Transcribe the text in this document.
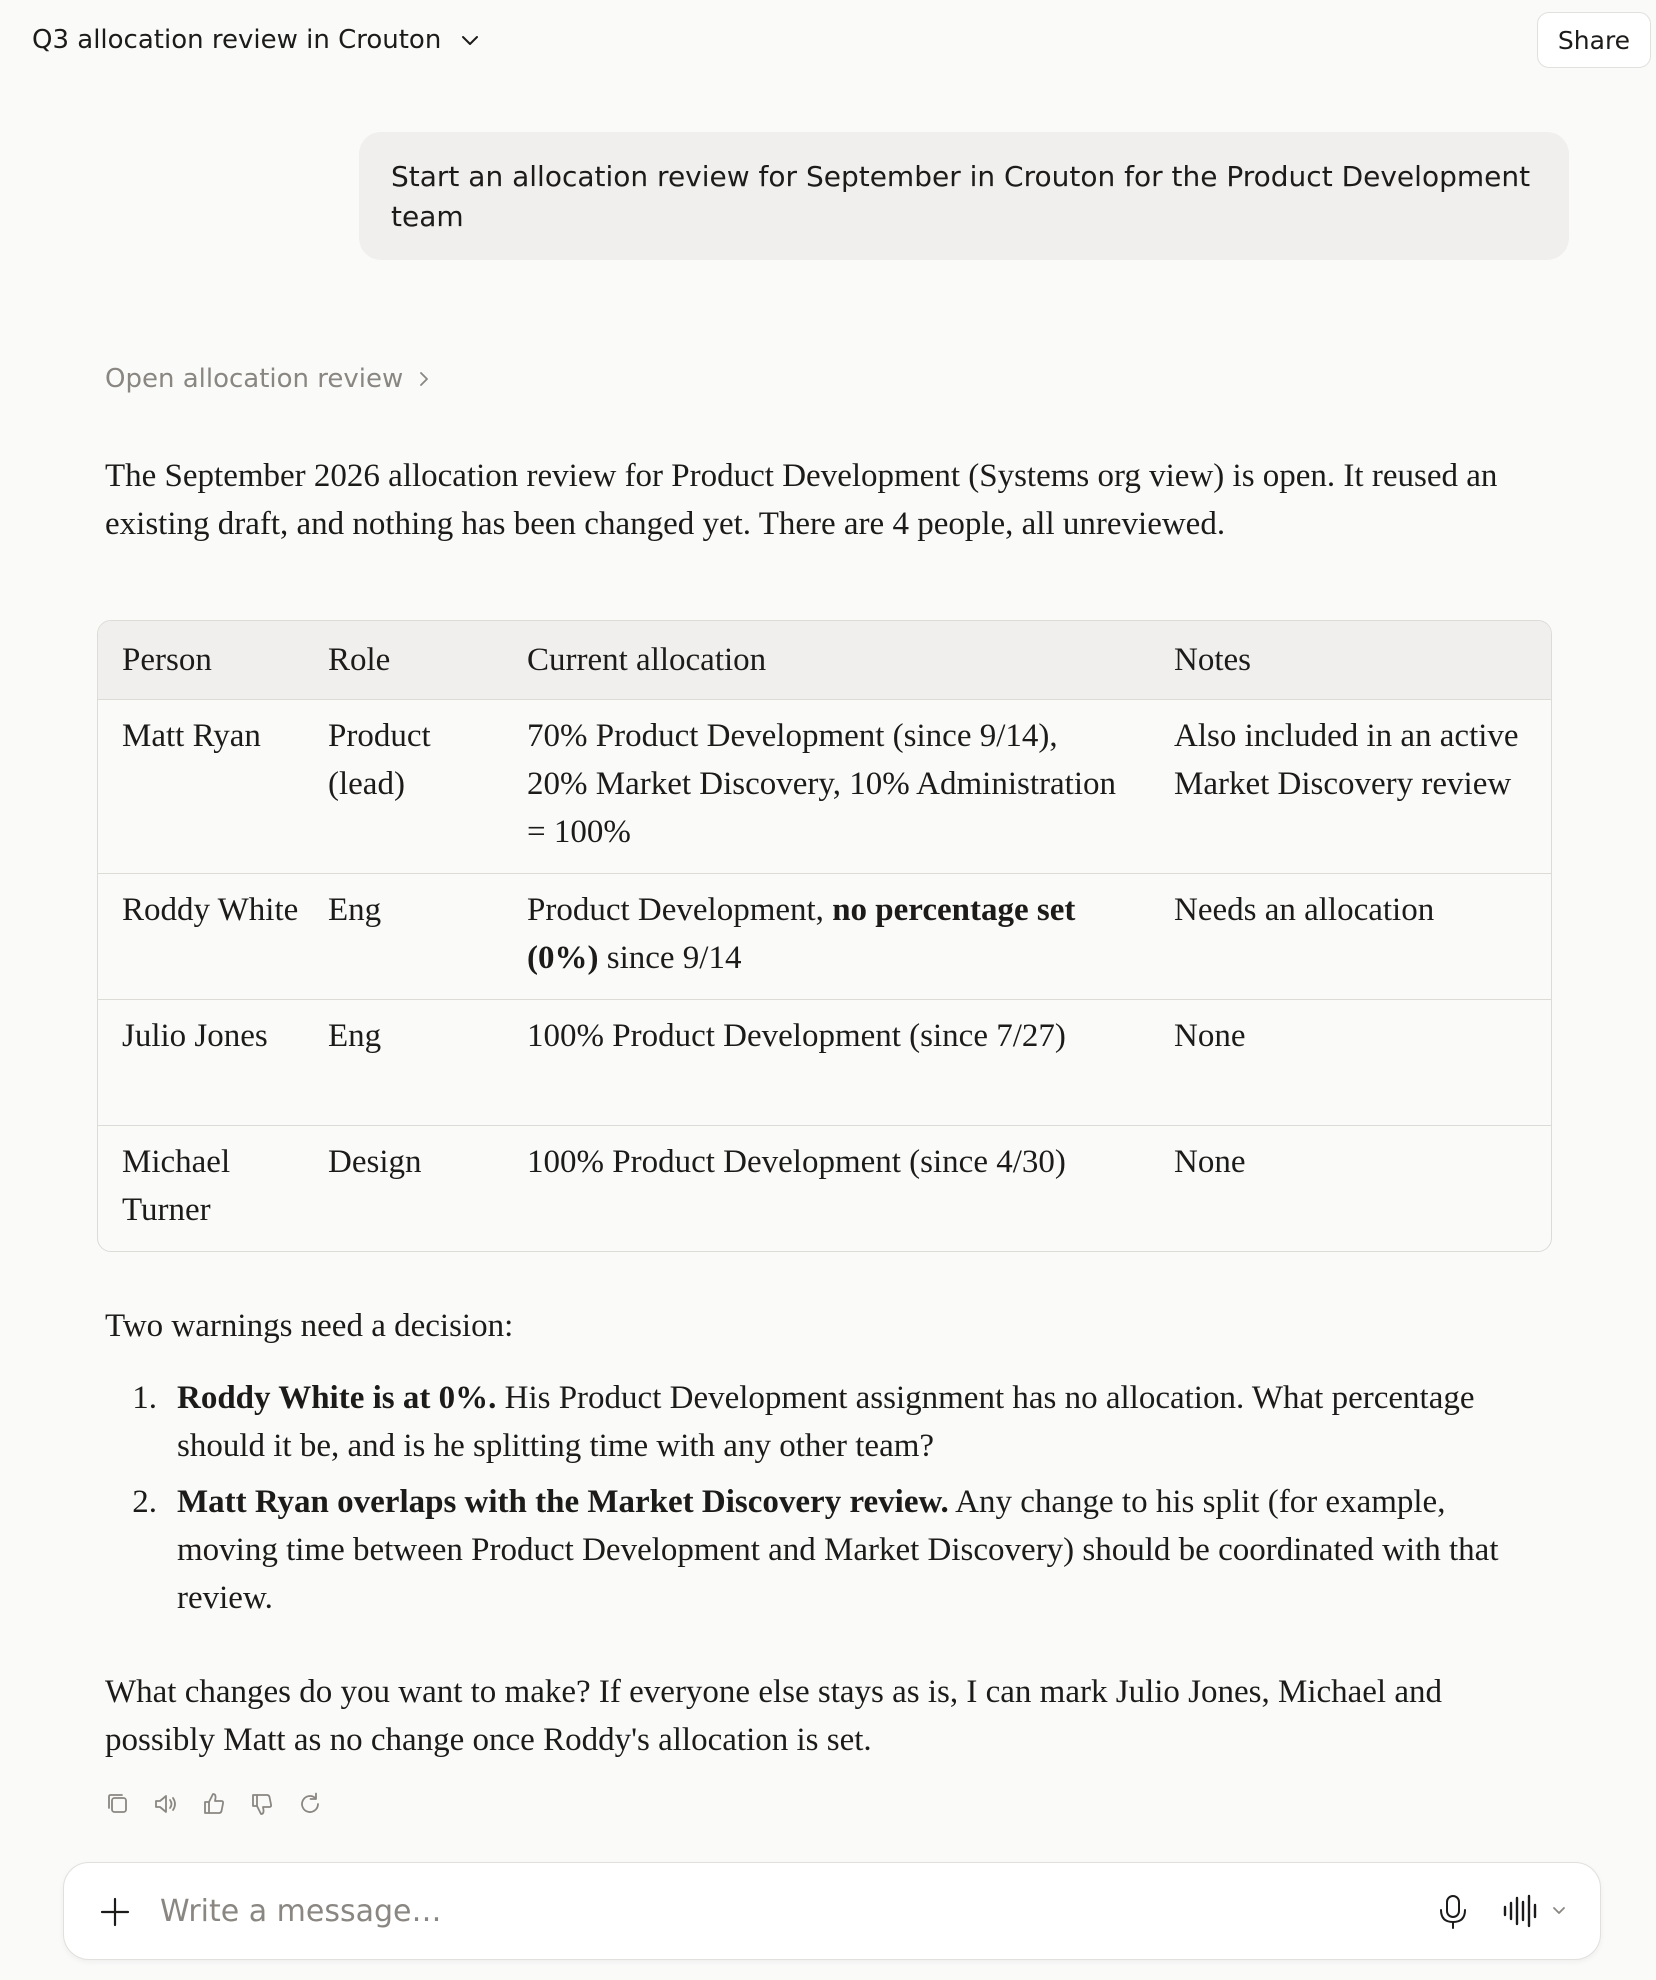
Q3 allocation review in Crouton	Share
Start an allocation review for September in Crouton for the Product Development team
Open allocation review
The September 2026 allocation review for Product Development (Systems org view) is open. It reused an existing draft, and nothing has been changed yet. There are 4 people, all unreviewed.
Person	Role	Current allocation	Notes
Matt Ryan	Product (lead)	70% Product Development (since 9/14), 20% Market Discovery, 10% Administration = 100%	Also included in an active Market Discovery review
Roddy White	Eng	Product Development, no percentage set (0%) since 9/14	Needs an allocation
Julio Jones	Eng	100% Product Development (since 7/27)	None
Michael Turner	Design	100% Product Development (since 4/30)	None
Two warnings need a decision:
1. Roddy White is at 0%. His Product Development assignment has no allocation. What percentage should it be, and is he splitting time with any other team?
2. Matt Ryan overlaps with the Market Discovery review. Any change to his split (for example, moving time between Product Development and Market Discovery) should be coordinated with that review.
What changes do you want to make? If everyone else stays as is, I can mark Julio Jones, Michael and possibly Matt as no change once Roddy's allocation is set.
Write a message…
